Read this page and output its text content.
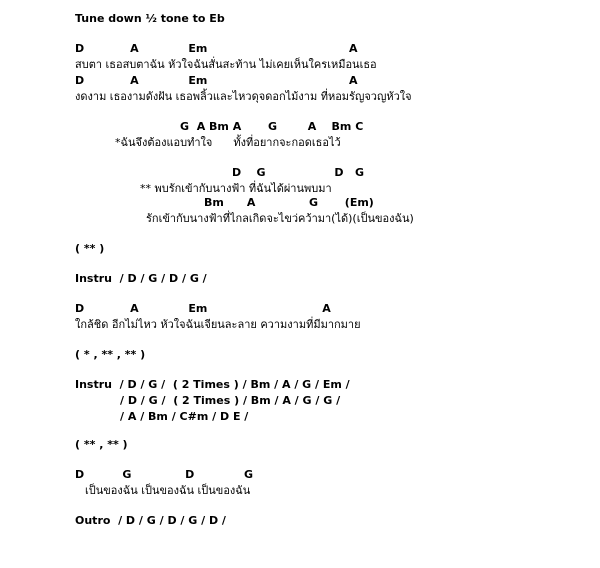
Tune down ½ tone to Eb
D            A             Em                                     A
สบตา เธอสบตาฉัน หัวใจฉันสั่นสะท้าน ไม่เคยเห็นใครเหมือนเธอ
D            A             Em                                     A
งดงาม เธองามดังฝัน เธอพลิ้วและไหวดุจดอกไม้งาม ที่หอมรัญจวญหัวใจ
G  A Bm A       G        A    Bm C
*ฉันจึงต้องแอบทำใจ      ทั้งที่อยากจะกอดเธอไว้
D    G                  D   G
** พบรักเข้ากับนางฟ้า ที่ฉันได้ผ่านพบมา
Bm      A              G       (Em)
รักเข้ากับนางฟ้าที่ไกลเกิดจะไขว่คว้ามา(ได้)(เป็นของฉัน)
( ** )
Instru  / D / G / D / G /
D            A             Em                              A
ใกล้ชิด อีกไม่ไหว หัวใจฉันเจียนละลาย ความงามที่มีมากมาย
( * , ** , ** )
Instru  / D / G /  ( 2 Times ) / Bm / A / G / Em /
/ D / G /  ( 2 Times ) / Bm / A / G / G /
/ A / Bm / C#m / D E /
( ** , ** )
D          G              D             G
เป็นของฉัน เป็นของฉัน เป็นของฉัน
Outro  / D / G / D / G / D /
